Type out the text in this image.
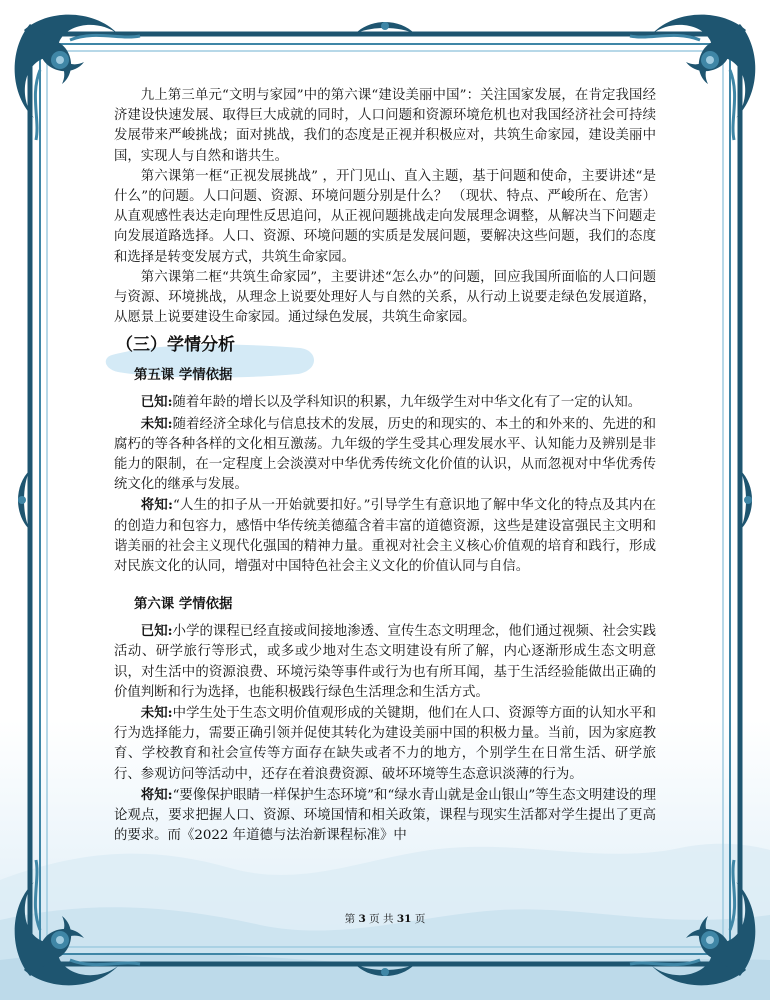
九上第三单元“文明与家园”中的第六课“建设美丽中国”：关注国家发展，在肯定我国经济建设快速发展、取得巨大成就的同时，人口问题和资源环境危机也对我国经济社会可持续发展带来严峻挑战；面对挑战，我们的态度是正视并积极应对，共筑生命家园，建设美丽中国，实现人与自然和谐共生。

第六课第一框“正视发展挑战” ，开门见山、直入主题，基于问题和使命，主要讲述“是什么”的问题。人口问题、资源、环境问题分别是什么？ （现状、特点、严峻所在、危害）从直观感性表达走向理性反思追问，从正视问题挑战走向发展理念调整，从解决当下问题走向发展道路选择。人口、资源、环境问题的实质是发展问题，要解决这些问题，我们的态度和选择是转变发展方式，共筑生命家园。

第六课第二框“共筑生命家园”，主要讲述“怎么办”的问题，回应我国所面临的人口问题与资源、环境挑战，从理念上说要处理好人与自然的关系，从行动上说要走绿色发展道路，从愿景上说要建设生命家园。通过绿色发展，共筑生命家园。

（三）学情分析
第五课 学情依据

已知:随着年龄的增长以及学科知识的积累，九年级学生对中华文化有了一定的认知。

未知:随着经济全球化与信息技术的发展，历史的和现实的、本土的和外来的、先进的和腐朽的等各种各样的文化相互激荡。九年级的学生受其心理发展水平、认知能力及辨别是非能力的限制，在一定程度上会淡漠对中华优秀传统文化价值的认识，从而忽视对中华优秀传统文化的继承与发展。

将知:“人生的扣子从一开始就要扣好。”引导学生有意识地了解中华文化的特点及其内在的创造力和包容力，感悟中华传统美德蕴含着丰富的道德资源，这些是建设富强民主文明和谐美丽的社会主义现代化强国的精神力量。重视对社会主义核心价值观的培育和践行，形成对民族文化的认同，增强对中国特色社会主义文化的价值认同与自信。

第六课 学情依据

已知:小学的课程已经直接或间接地渗透、宣传生态文明理念，他们通过视频、社会实践活动、研学旅行等形式，或多或少地对生态文明建设有所了解，内心逐渐形成生态文明意识，对生活中的资源浪费、环境污染等事件或行为也有所耳闻，基于生活经验能做出正确的价值判断和行为选择，也能积极践行绿色生活理念和生活方式。

未知:中学生处于生态文明价值观形成的关键期，他们在人口、资源等方面的认知水平和行为选择能力，需要正确引领并促使其转化为建设美丽中国的积极力量。当前，因为家庭教育、学校教育和社会宣传等方面存在缺失或者不力的地方，个别学生在日常生活、研学旅行、参观访问等活动中，还存在着浪费资源、破坏环境等生态意识淡薄的行为。

将知:“要像保护眼睛一样保护生态环境”和“绿水青山就是金山银山”等生态文明建设的理论观点，要求把握人口、资源、环境国情和相关政策，课程与现实生活都对学生提出了更高的要求。而《2022 年道德与法治新课程标准》中

第 3 页 共 31 页
